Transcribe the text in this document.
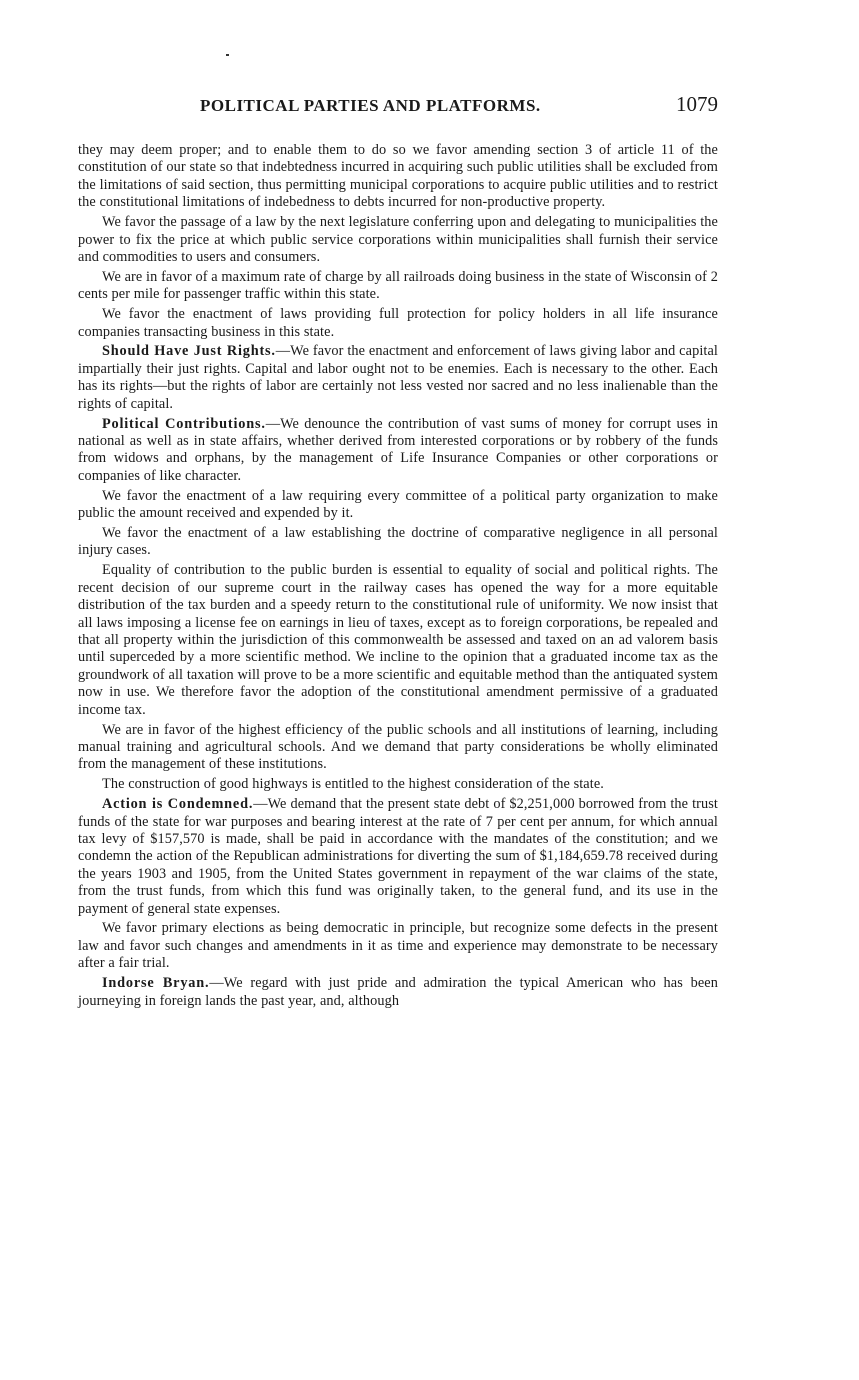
POLITICAL PARTIES AND PLATFORMS.	1079

they may deem proper; and to enable them to do so we favor amending section 3 of article 11 of the constitution of our state so that indebtedness incurred in acquiring such public utilities shall be excluded from the limitations of said section, thus permitting municipal corporations to acquire public utilities and to restrict the constitutional limitations of indebedness to debts incurred for non-productive property.

We favor the passage of a law by the next legislature conferring upon and delegating to municipalities the power to fix the price at which public service corporations within municipalities shall furnish their service and commodities to users and consumers.

We are in favor of a maximum rate of charge by all railroads doing business in the state of Wisconsin of 2 cents per mile for passenger traffic within this state.

We favor the enactment of laws providing full protection for policy holders in all life insurance companies transacting business in this state.

Should Have Just Rights.—We favor the enactment and enforcement of laws giving labor and capital impartially their just rights. Capital and labor ought not to be enemies. Each is necessary to the other. Each has its rights—but the rights of labor are certainly not less vested nor sacred and no less inalienable than the rights of capital.

Political Contributions.—We denounce the contribution of vast sums of money for corrupt uses in national as well as in state affairs, whether derived from interested corporations or by robbery of the funds from widows and orphans, by the management of Life Insurance Companies or other corporations or companies of like character.

We favor the enactment of a law requiring every committee of a political party organization to make public the amount received and expended by it.

We favor the enactment of a law establishing the doctrine of comparative negligence in all personal injury cases.

Equality of contribution to the public burden is essential to equality of social and political rights. The recent decision of our supreme court in the railway cases has opened the way for a more equitable distribution of the tax burden and a speedy return to the constitutional rule of uniformity. We now insist that all laws imposing a license fee on earnings in lieu of taxes, except as to foreign corporations, be repealed and that all property within the jurisdiction of this commonwealth be assessed and taxed on an ad valorem basis until superceded by a more scientific method. We incline to the opinion that a graduated income tax as the groundwork of all taxation will prove to be a more scientific and equitable method than the antiquated system now in use. We therefore favor the adoption of the constitutional amendment permissive of a graduated income tax.

We are in favor of the highest efficiency of the public schools and all institutions of learning, including manual training and agricultural schools. And we demand that party considerations be wholly eliminated from the management of these institutions.

The construction of good highways is entitled to the highest consideration of the state.

Action is Condemned.—We demand that the present state debt of $2,251,000 borrowed from the trust funds of the state for war purposes and bearing interest at the rate of 7 per cent per annum, for which annual tax levy of $157,570 is made, shall be paid in accordance with the mandates of the constitution; and we condemn the action of the Republican administrations for diverting the sum of $1,184,659.78 received during the years 1903 and 1905, from the United States government in repayment of the war claims of the state, from the trust funds, from which this fund was originally taken, to the general fund, and its use in the payment of general state expenses.

We favor primary elections as being democratic in principle, but recognize some defects in the present law and favor such changes and amendments in it as time and experience may demonstrate to be necessary after a fair trial.

Indorse Bryan.—We regard with just pride and admiration the typical American who has been journeying in foreign lands the past year, and, although
